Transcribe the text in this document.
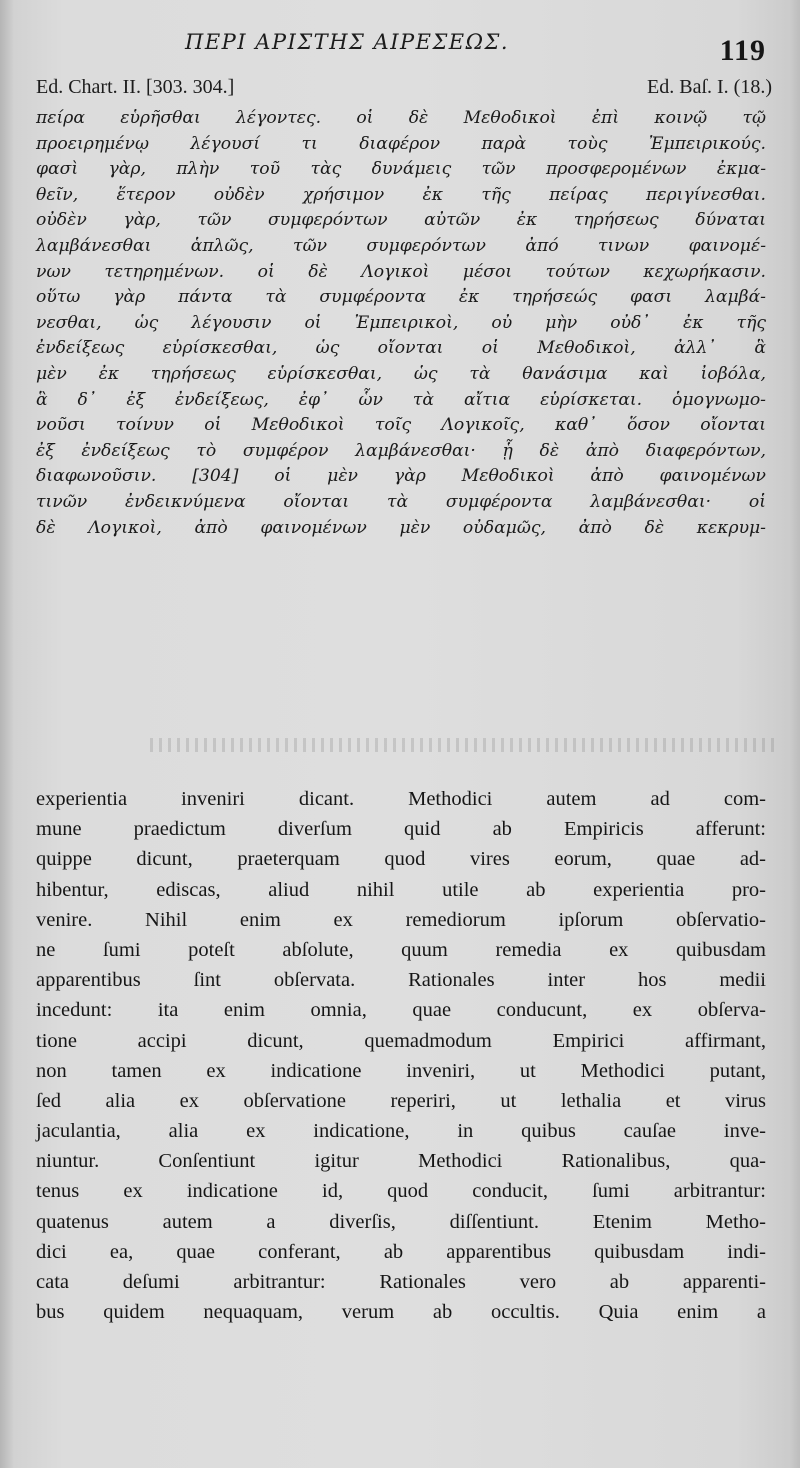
ΠΕΡΙ ΑΡΙΣΤΗΣ ΑΙΡΕΣΕΩΣ.	119
Ed. Chart. II. [303. 304.]	Ed. Baſ. I. (18.)
πείρα εὑρῆσθαι λέγοντες. οἱ δὲ Μεθοδικοὶ ἐπὶ κοινῷ τῷ
προειρημένῳ λέγουσί τι διαφέρον παρὰ τοὺς Ἐμπειρικούς.
φασὶ γὰρ, πλὴν τοῦ τὰς δυνάμεις τῶν προσφερομένων ἐκμα-
θεῖν, ἕτερον οὐδὲν χρήσιμον ἐκ τῆς πείρας περιγίνεσθαι.
οὐδὲν γὰρ, τῶν συμφερόντων αὐτῶν ἐκ τηρήσεως δύναται
λαμβάνεσθαι ἁπλῶς, τῶν συμφερόντων ἀπό τινων φαινομέ-
νων τετηρημένων. οἱ δὲ Λογικοὶ μέσοι τούτων κεχωρήκασιν.
οὕτω γὰρ πάντα τὰ συμφέροντα ἐκ τηρήσεώς φασι λαμβά-
νεσθαι, ὡς λέγουσιν οἱ Ἐμπειρικοὶ, οὐ μὴν οὐδ᾽ ἐκ τῆς
ἐνδείξεως εὑρίσκεσθαι, ὡς οἴονται οἱ Μεθοδικοὶ, ἀλλ᾽ ἃ
μὲν ἐκ τηρήσεως εὑρίσκεσθαι, ὡς τὰ θανάσιμα καὶ ἰοβόλα,
ἃ δ᾽ ἐξ ἐνδείξεως, ἐφ᾽ ὧν τὰ αἴτια εὑρίσκεται. ὁμογνωμο-
νοῦσι τοίνυν οἱ Μεθοδικοὶ τοῖς Λογικοῖς, καθ᾽ ὅσον οἴονται
ἐξ ἐνδείξεως τὸ συμφέρον λαμβάνεσθαι· ᾗ δὲ ἀπὸ διαφερόντων,
διαφωνοῦσιν. [304] οἱ μὲν γὰρ Μεθοδικοὶ ἀπὸ φαινομένων
τινῶν ἐνδεικνύμενα οἴονται τὰ συμφέροντα λαμβάνεσθαι· οἱ
δὲ Λογικοὶ, ἀπὸ φαινομένων μὲν οὐδαμῶς, ἀπὸ δὲ κεκρυμ-
experientia inveniri dicant. Methodici autem ad com-
mune praedictum diverſum quid ab Empiricis afferunt:
quippe dicunt, praeterquam quod vires eorum, quae ad-
hibentur, ediscas, aliud nihil utile ab experientia pro-
venire. Nihil enim ex remediorum ipſorum obſervatio-
ne ſumi poteſt abſolute, quum remedia ex quibusdam
apparentibus ſint obſervata. Rationales inter hos medii
incedunt: ita enim omnia, quae conducunt, ex obſerva-
tione accipi dicunt, quemadmodum Empirici affirmant,
non tamen ex indicatione inveniri, ut Methodici putant,
ſed alia ex obſervatione reperiri, ut lethalia et virus
jaculantia, alia ex indicatione, in quibus cauſae inve-
niuntur. Conſentiunt igitur Methodici Rationalibus, qua-
tenus ex indicatione id, quod conducit, ſumi arbitrantur:
quatenus autem a diverſis, diſſentiunt. Etenim Metho-
dici ea, quae conferant, ab apparentibus quibusdam indi-
cata deſumi arbitrantur: Rationales vero ab apparenti-
bus quidem nequaquam, verum ab occultis. Quia enim a
